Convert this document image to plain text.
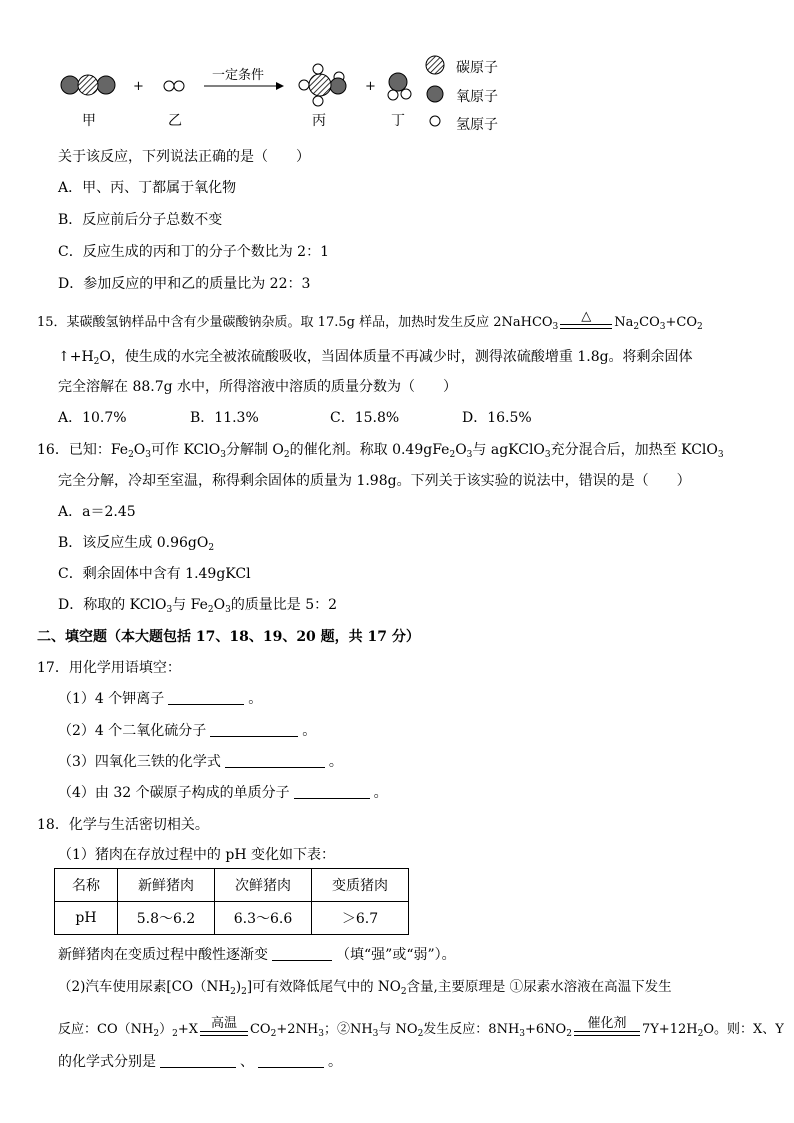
+	+
一定条件
甲	乙	丙	丁
碳原子
氧原子
氢原子
关于该反应，下列说法正确的是（　　）
A．甲、丙、丁都属于氧化物
B．反应前后分子总数不变
C．反应生成的丙和丁的分子个数比为 2：1
D．参加反应的甲和乙的质量比为 22：3
15．某碳酸氢钠样品中含有少量碳酸钠杂质。取 17.5g 样品，加热时发生反应 2NaHCO$_3$
△ $Na_2CO_3+CO_2$
$↑+H_2O$，使生成的水完全被浓硫酸吸收，当固体质量不再减少时，测得浓硫酸增重 1.8g。将剩余固体
完全溶解在 88.7g 水中，所得溶液中溶质的质量分数为（　　）
A．10.7%	B．11.3%	C．15.8%	D．16.5%
16．已知：$Fe_2O_3$可作 KClO$_3$分解制 $O_2$的催化剂。称取 $0.49gFe_2O_3$与 agKClO$_3$充分混合后，加热至 KClO$_3$
完全分解，冷却至室温，称得剩余固体的质量为 1.98g。下列关于该实验的说法中，错误的是（　　）
A．a＝2.45
B．该反应生成 $0.96gO_2$
C．剩余固体中含有 1.49gKCl
D．称取的 KClO$_3$与 $Fe_2O_3$的质量比是 5：2
二、填空题（本大题包括 17、18、19、20 题，共 17 分）
17．用化学用语填空：
（1）4 个钾离子	。
（2）4 个二氧化硫分子	。
（3）四氧化三铁的化学式	。
（4）由 32 个碳原子构成的单质分子	。
18．化学与生活密切相关。
（1）猪肉在存放过程中的 pH 变化如下表：
名称	新鲜猪肉	次鲜猪肉	变质猪肉
pH	5.8～6.2	6.3～6.6	＞6.7
新鲜猪肉在变质过程中酸性逐渐变	（填“强”或“弱”）。
（2)汽车使用尿素$[CO(NH_2)_2]$可有效降低尾气中的 $NO_2$含量,主要原理是 ①尿素水溶液在高温下发生
反应：$CO(NH_2)_2+X$ 高温 $CO_2+2NH_3$；$②NH_3$与 $NO_2$发生反应：$8NH_3+6NO_2$
催化剂 $7Y+12H_2O$。则：X、Y
的化学式分别是	、	。
